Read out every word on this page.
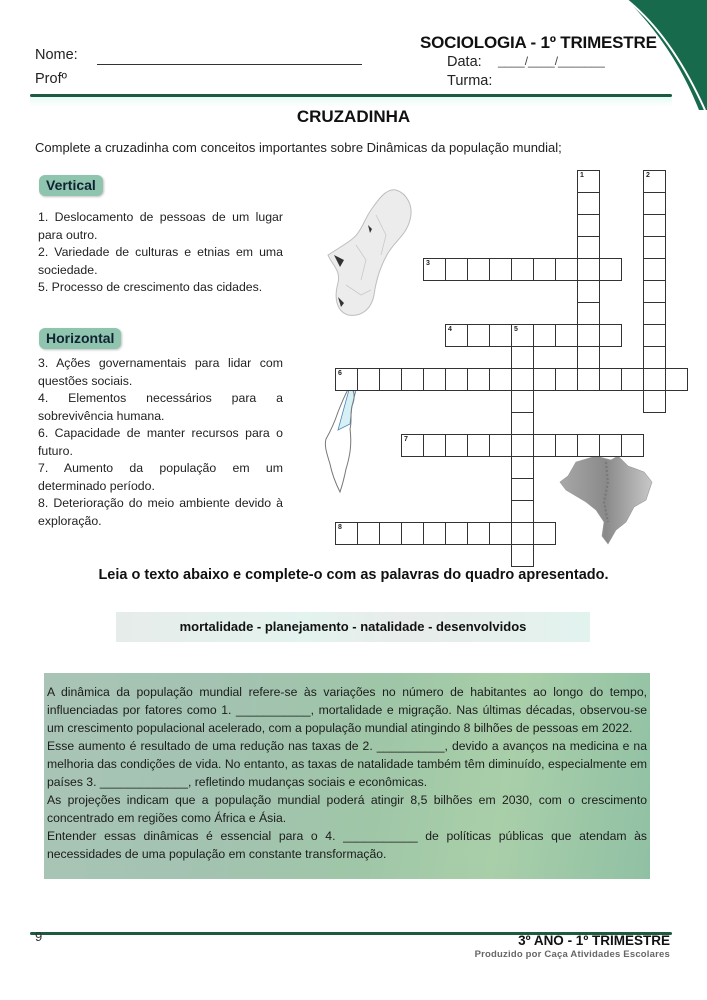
SOCIOLOGIA - 1º TRIMESTRE
Nome:
Profº
Data: ____/____/_______
Turma:
CRUZADINHA
Complete a cruzadinha com conceitos importantes sobre Dinâmicas da população mundial;
Vertical
1. Deslocamento de pessoas de um lugar para outro.
2. Variedade de culturas e etnias em uma sociedade.
5. Processo de crescimento das cidades.
Horizontal
3. Ações governamentais para lidar com questões sociais.
4. Elementos necessários para a sobrevivência humana.
6. Capacidade de manter recursos para o futuro.
7. Aumento da população em um determinado período.
8. Deterioração do meio ambiente devido à exploração.
1	2
3
4	5
6
7
8
Leia o texto abaixo e complete-o com as palavras do quadro apresentado.
mortalidade - planejamento - natalidade - desenvolvidos

A dinâmica da população mundial refere-se às variações no número de habitantes ao longo do tempo, influenciadas por fatores como 1. ___________, mortalidade e migração. Nas últimas décadas, observou-se um crescimento populacional acelerado, com a população mundial atingindo 8 bilhões de pessoas em 2022.

Esse aumento é resultado de uma redução nas taxas de 2. __________, devido a avanços na medicina e na melhoria das condições de vida. No entanto, as taxas de natalidade também têm diminuído, especialmente em países 3. _____________, refletindo mudanças sociais e econômicas.

As projeções indicam que a população mundial poderá atingir 8,5 bilhões em 2030, com o crescimento concentrado em regiões como África e Ásia.

Entender essas dinâmicas é essencial para o 4. ___________ de políticas públicas que atendam às necessidades de uma população em constante transformação.

9	3º ANO - 1º TRIMESTRE
Produzido por Caça Atividades Escolares
